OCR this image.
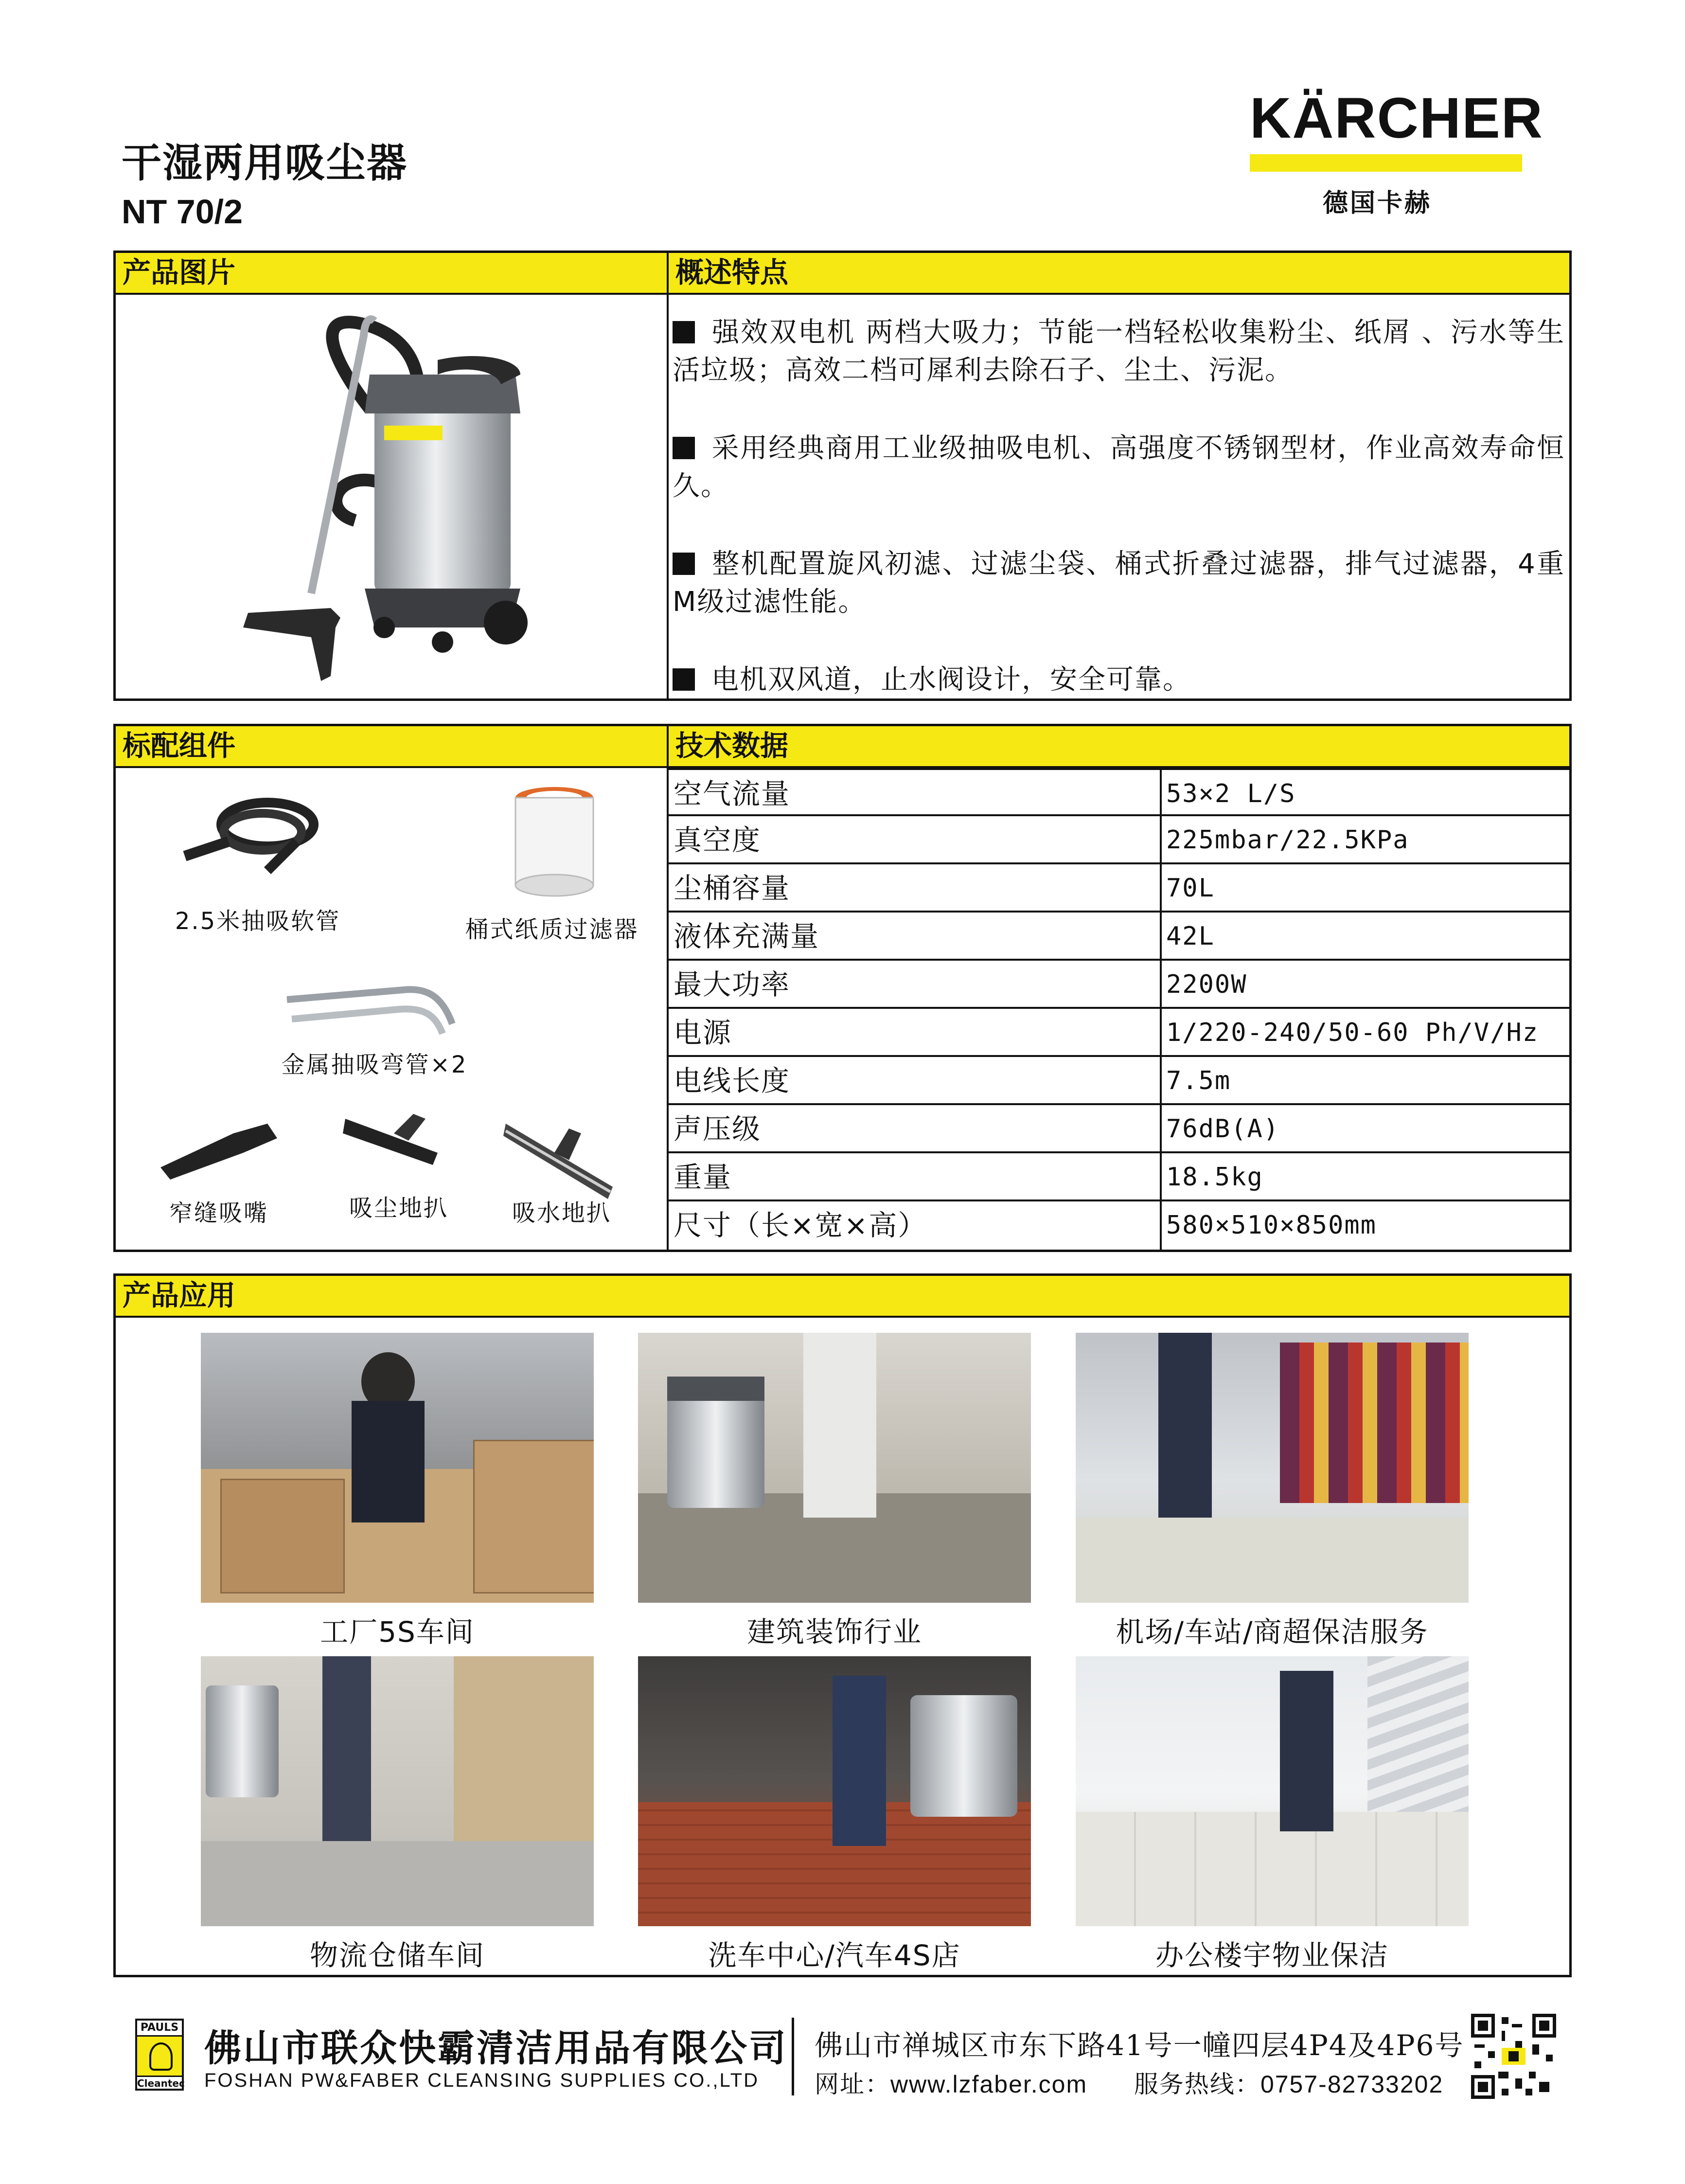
干湿两用吸尘器
NT 70/2
KÄRCHER
德国卡赫
产品图片	概述特点

强效双电机 两档大吸力；节能一档轻松收集粉尘、纸屑 、污水等生活垃圾；高效二档可犀利去除石子、尘土、污泥。

采用经典商用工业级抽吸电机、高强度不锈钢型材，作业高效寿命恒久。

整机配置旋风初滤、过滤尘袋、桶式折叠过滤器，排气过滤器，4重M级过滤性能。

电机双风道，止水阀设计，安全可靠。

标配组件	技术数据
2.5米抽吸软管	桶式纸质过滤器
金属抽吸弯管×2
窄缝吸嘴	吸尘地扒	吸水地扒
空气流量	53×2 L/S
真空度	225mbar/22.5KPa
尘桶容量	70L
液体充满量	42L
最大功率	2200W
电源	1/220-240/50-60 Ph/V/Hz
电线长度	7.5m
声压级	76dB(A)
重量	18.5kg
尺寸（长×宽×高）	580×510×850mm
产品应用
工厂5S车间	建筑装饰行业	机场/车站/商超保洁服务
物流仓储车间	洗车中心/汽车4S店	办公楼宇物业保洁
PAULS
Cleantec
佛山市联众快霸清洁用品有限公司
FOSHAN PW&FABER CLEANSING SUPPLIES CO.,LTD
佛山市禅城区市东下路41号一幢四层4P4及4P6号
网址：www.lzfaber.com 服务热线：0757-82733202
